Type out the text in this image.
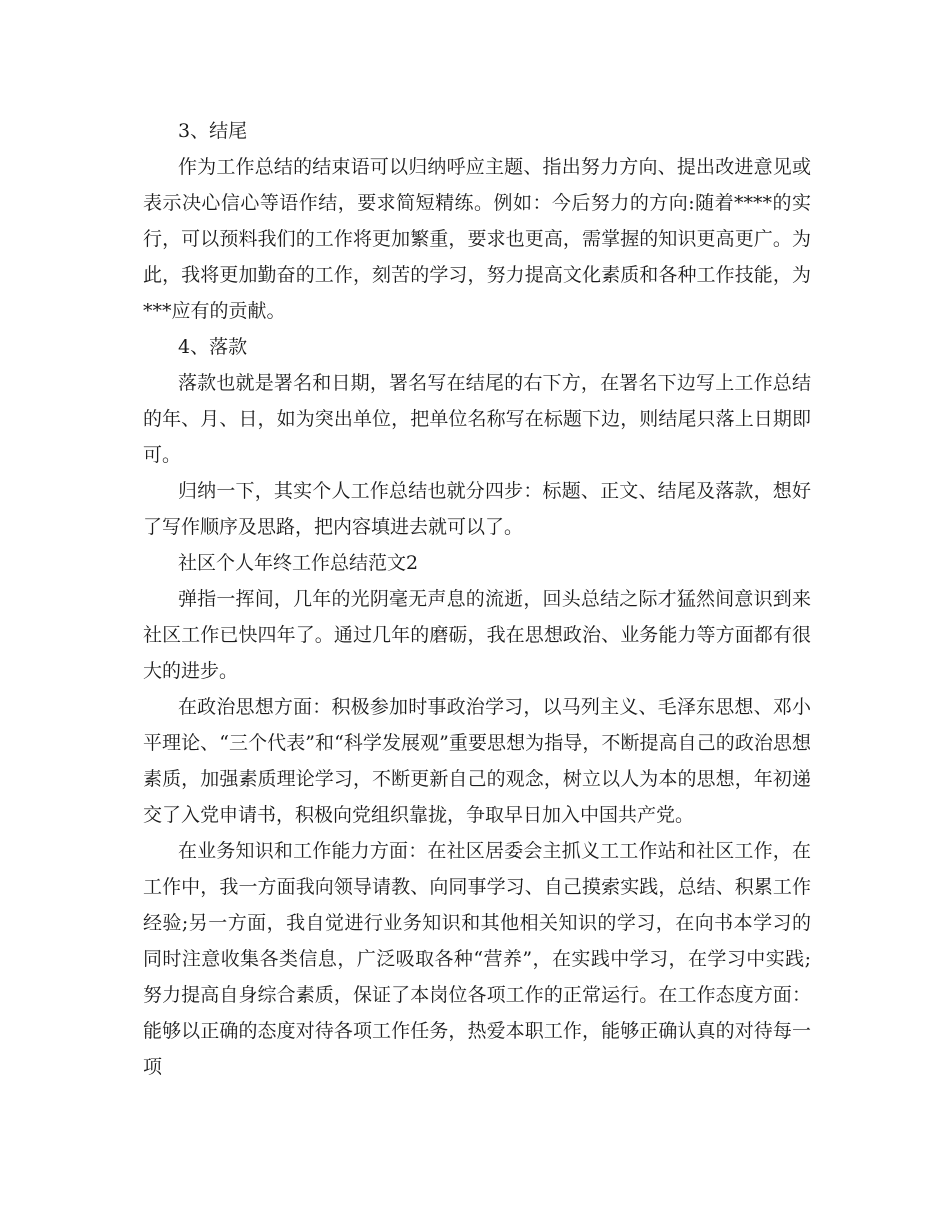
3、结尾

作为工作总结的结束语可以归纳呼应主题、指出努力方向、提出改进意见或表示决心信心等语作结，要求简短精练。例如：今后努力的方向:随着****的实行，可以预料我们的工作将更加繁重，要求也更高，需掌握的知识更高更广。为此，我将更加勤奋的工作，刻苦的学习，努力提高文化素质和各种工作技能，为***应有的贡献。

4、落款

落款也就是署名和日期，署名写在结尾的右下方，在署名下边写上工作总结的年、月、日，如为突出单位，把单位名称写在标题下边，则结尾只落上日期即可。

归纳一下，其实个人工作总结也就分四步：标题、正文、结尾及落款，想好了写作顺序及思路，把内容填进去就可以了。

社区个人年终工作总结范文2

弹指一挥间，几年的光阴毫无声息的流逝，回头总结之际才猛然间意识到来社区工作已快四年了。通过几年的磨砺，我在思想政治、业务能力等方面都有很大的进步。

在政治思想方面：积极参加时事政治学习，以马列主义、毛泽东思想、邓小平理论、“三个代表”和“科学发展观”重要思想为指导，不断提高自己的政治思想素质，加强素质理论学习，不断更新自己的观念，树立以人为本的思想，年初递交了入党申请书，积极向党组织靠拢，争取早日加入中国共产党。

在业务知识和工作能力方面：在社区居委会主抓义工工作站和社区工作，在工作中，我一方面我向领导请教、向同事学习、自己摸索实践，总结、积累工作经验;另一方面，我自觉进行业务知识和其他相关知识的学习，在向书本学习的同时注意收集各类信息，广泛吸取各种“营养”，在实践中学习，在学习中实践;努力提高自身综合素质，保证了本岗位各项工作的正常运行。在工作态度方面：能够以正确的态度对待各项工作任务，热爱本职工作，能够正确认真的对待每一项
